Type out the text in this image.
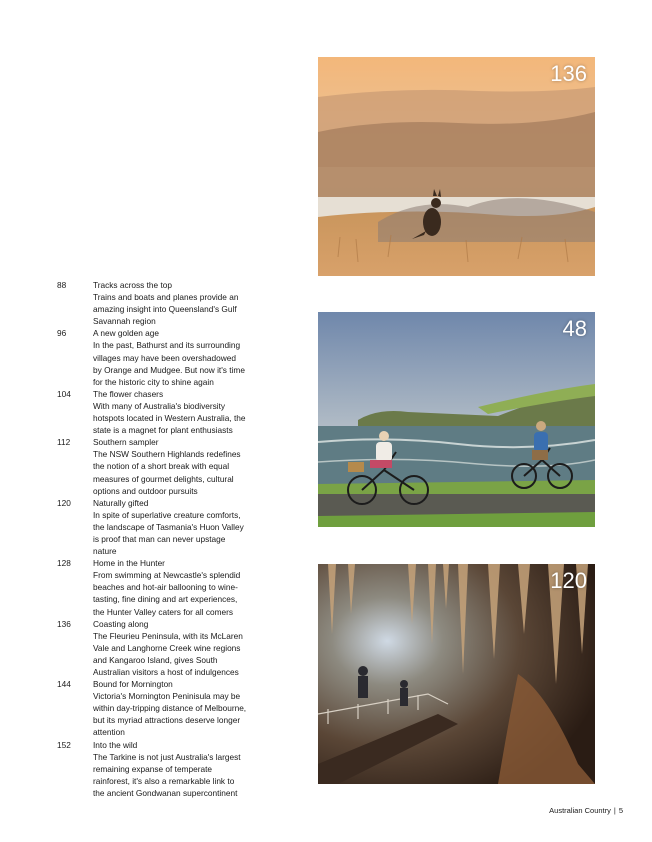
88	Tracks across the top
Trains and boats and planes provide an amazing insight into Queensland's Gulf Savannah region
96	A new golden age
In the past, Bathurst and its surrounding villages may have been overshadowed by Orange and Mudgee. But now it's time for the historic city to shine again
104	The flower chasers
With many of Australia's biodiversity hotspots located in Western Australia, the state is a magnet for plant enthusiasts
112	Southern sampler
The NSW Southern Highlands redefines the notion of a short break with equal measures of gourmet delights, cultural options and outdoor pursuits
120	Naturally gifted
In spite of superlative creature comforts, the landscape of Tasmania's Huon Valley is proof that man can never upstage nature
128	Home in the Hunter
From swimming at Newcastle's splendid beaches and hot-air ballooning to wine-tasting, fine dining and art experiences, the Hunter Valley caters for all comers
136	Coasting along
The Fleurieu Peninsula, with its McLaren Vale and Langhorne Creek wine regions and Kangaroo Island, gives South Australian visitors a host of indulgences
144	Bound for Mornington
Victoria's Mornington Peninisula may be within day-tripping distance of Melbourne, but its myriad attractions deserve longer attention
152	Into the wild
The Tarkine is not just Australia's largest remaining expanse of temperate rainforest, it's also a remarkable link to the ancient Gondwanan supercontinent
136
48
120
Australian Country | 5
